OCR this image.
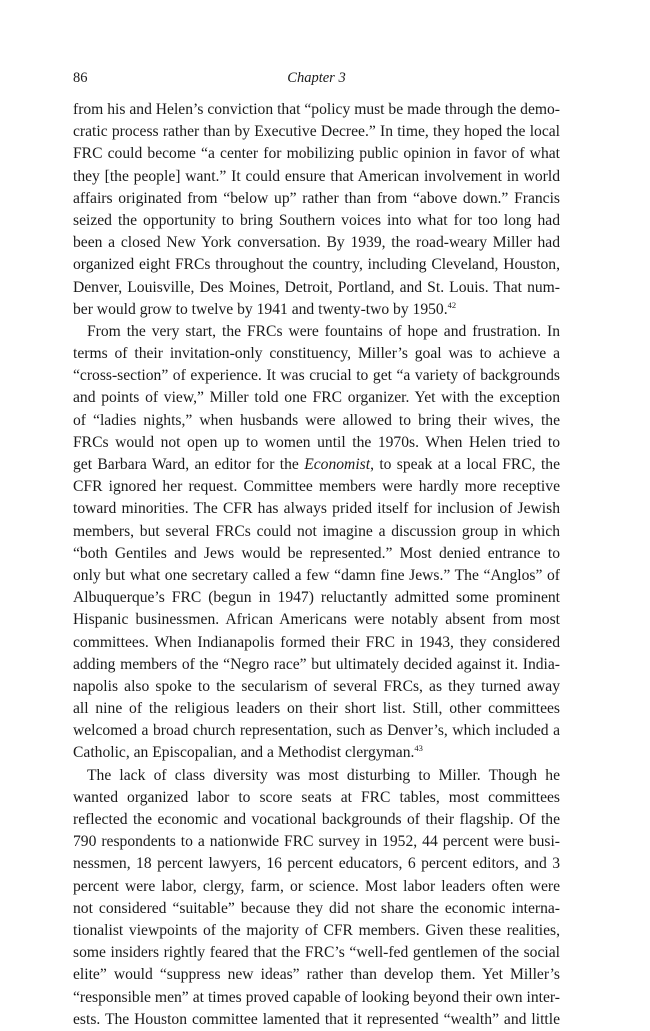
86	Chapter 3
from his and Helen’s conviction that “policy must be made through the demo-
cratic process rather than by Executive Decree.” In time, they hoped the local
FRC could become “a center for mobilizing public opinion in favor of what
they [the people] want.” It could ensure that American involvement in world
affairs originated from “below up” rather than from “above down.” Francis
seized the opportunity to bring Southern voices into what for too long had
been a closed New York conversation. By 1939, the road-weary Miller had
organized eight FRCs throughout the country, including Cleveland, Houston,
Denver, Louisville, Des Moines, Detroit, Portland, and St. Louis. That num-
ber would grow to twelve by 1941 and twenty-two by 1950.42
From the very start, the FRCs were fountains of hope and frustration. In
terms of their invitation-only constituency, Miller’s goal was to achieve a
“cross-section” of experience. It was crucial to get “a variety of backgrounds
and points of view,” Miller told one FRC organizer. Yet with the exception
of “ladies nights,” when husbands were allowed to bring their wives, the
FRCs would not open up to women until the 1970s. When Helen tried to
get Barbara Ward, an editor for the Economist, to speak at a local FRC, the
CFR ignored her request. Committee members were hardly more receptive
toward minorities. The CFR has always prided itself for inclusion of Jewish
members, but several FRCs could not imagine a discussion group in which
“both Gentiles and Jews would be represented.” Most denied entrance to
only but what one secretary called a few “damn fine Jews.” The “Anglos” of
Albuquerque’s FRC (begun in 1947) reluctantly admitted some prominent
Hispanic businessmen. African Americans were notably absent from most
committees. When Indianapolis formed their FRC in 1943, they considered
adding members of the “Negro race” but ultimately decided against it. India-
napolis also spoke to the secularism of several FRCs, as they turned away
all nine of the religious leaders on their short list. Still, other committees
welcomed a broad church representation, such as Denver’s, which included a
Catholic, an Episcopalian, and a Methodist clergyman.$^{43}$
The lack of class diversity was most disturbing to Miller. Though he
wanted organized labor to score seats at FRC tables, most committees
reflected the economic and vocational backgrounds of their flagship. Of the
790 respondents to a nationwide FRC survey in 1952, 44 percent were busi-
nessmen, 18 percent lawyers, 16 percent educators, 6 percent editors, and 3
percent were labor, clergy, farm, or science. Most labor leaders often were
not considered “suitable” because they did not share the economic interna-
tionalist viewpoints of the majority of CFR members. Given these realities,
some insiders rightly feared that the FRC’s “well-fed gentlemen of the social
elite” would “suppress new ideas” rather than develop them. Yet Miller’s
“responsible men” at times proved capable of looking beyond their own inter-
ests. The Houston committee lamented that it represented “wealth” and little
